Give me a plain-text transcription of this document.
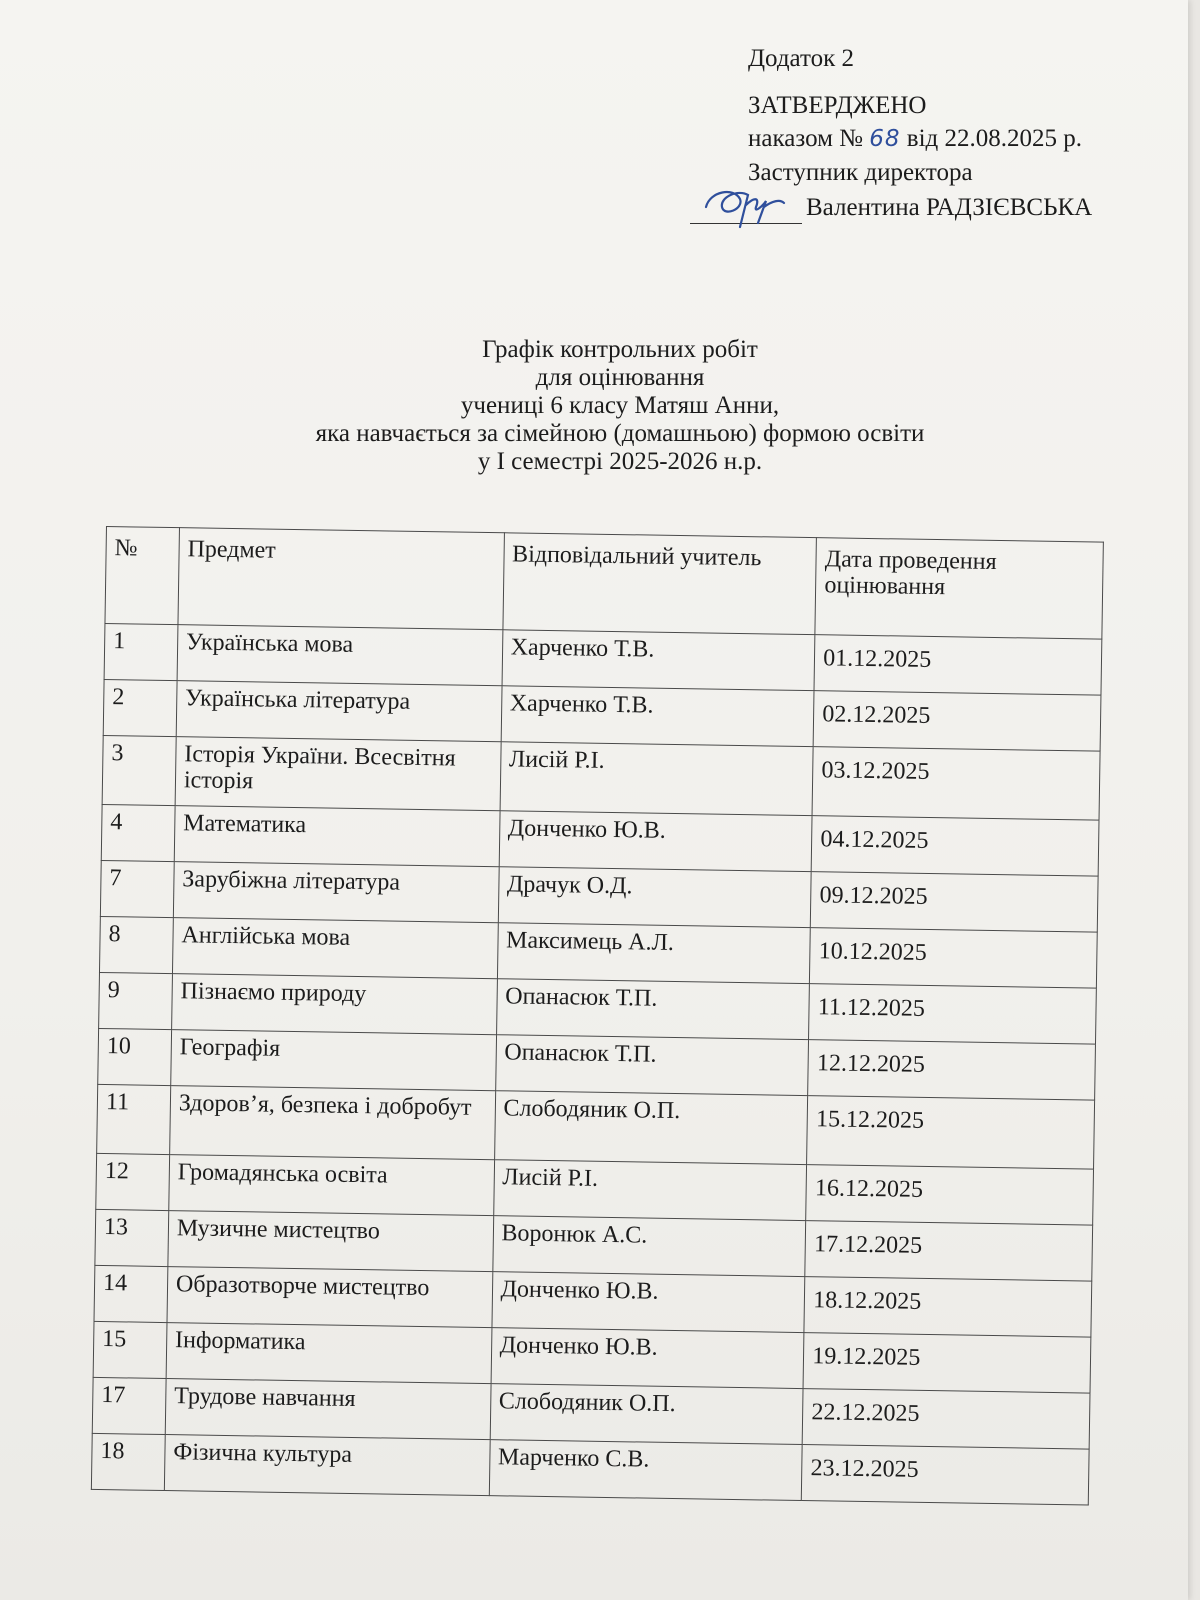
Додаток 2
ЗАТВЕРДЖЕНО
наказом № 68 від 22.08.2025 р.
Заступник директора
Валентина РАДЗІЄВСЬКА
Графік контрольних робіт
для оцінювання
учениці 6 класу Матяш Анни,
яка навчається за сімейною (домашньою) формою освіти
у I семестрі 2025-2026 н.р.
№	Предмет	Відповідальний учитель	Дата проведення оцінювання
1	Українська мова	Харченко Т.В.	01.12.2025
2	Українська література	Харченко Т.В.	02.12.2025
3	Історія України. Всесвітня історія	Лисій Р.І.	03.12.2025
4	Математика	Донченко Ю.В.	04.12.2025
7	Зарубіжна література	Драчук О.Д.	09.12.2025
8	Англійська мова	Максимець А.Л.	10.12.2025
9	Пізнаємо природу	Опанасюк Т.П.	11.12.2025
10	Географія	Опанасюк Т.П.	12.12.2025
11	Здоров’я, безпека і добробут	Слободяник О.П.	15.12.2025
12	Громадянська освіта	Лисій Р.І.	16.12.2025
13	Музичне мистецтво	Воронюк А.С.	17.12.2025
14	Образотворче мистецтво	Донченко Ю.В.	18.12.2025
15	Інформатика	Донченко Ю.В.	19.12.2025
17	Трудове навчання	Слободяник О.П.	22.12.2025
18	Фізична культура	Марченко С.В.	23.12.2025
